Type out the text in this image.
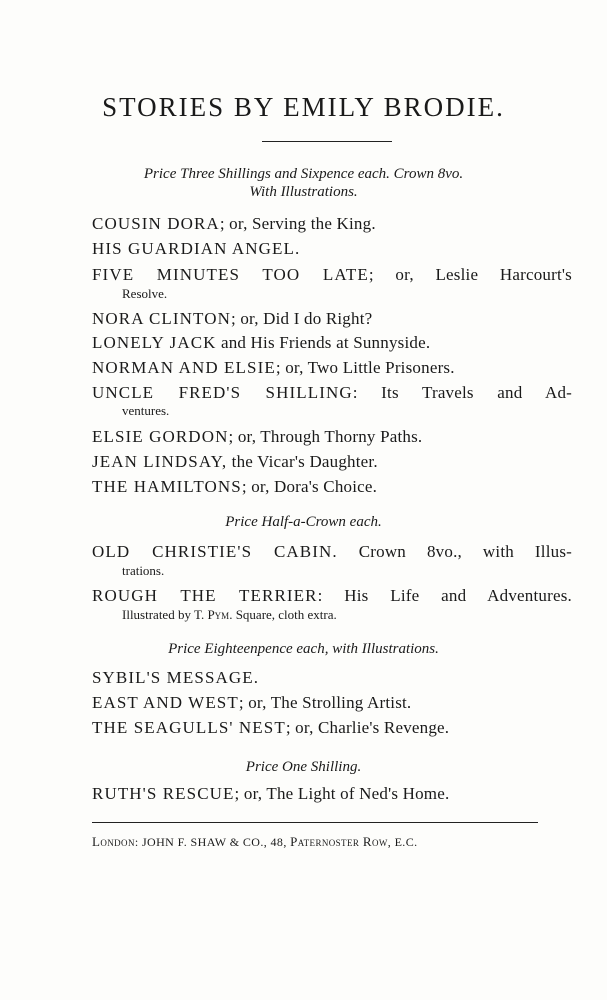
STORIES BY EMILY BRODIE.
Price Three Shillings and Sixpence each. Crown 8vo.
With Illustrations.
COUSIN DORA; or, Serving the King.
HIS GUARDIAN ANGEL.
FIVE MINUTES TOO LATE; or, Leslie Harcourt's
Resolve.
NORA CLINTON; or, Did I do Right?
LONELY JACK and His Friends at Sunnyside.
NORMAN AND ELSIE; or, Two Little Prisoners.
UNCLE FRED'S SHILLING: Its Travels and Ad-
ventures.
ELSIE GORDON; or, Through Thorny Paths.
JEAN LINDSAY, the Vicar's Daughter.
THE HAMILTONS; or, Dora's Choice.
Price Half-a-Crown each.
OLD CHRISTIE'S CABIN. Crown 8vo., with Illus-
trations.
ROUGH THE TERRIER: His Life and Adventures.
Illustrated by T. Pym. Square, cloth extra.
Price Eighteenpence each, with Illustrations.
SYBIL'S MESSAGE.
EAST AND WEST; or, The Strolling Artist.
THE SEAGULLS' NEST; or, Charlie's Revenge.
Price One Shilling.
RUTH'S RESCUE; or, The Light of Ned's Home.
London: JOHN F. SHAW & CO., 48, Paternoster Row, E.C.
